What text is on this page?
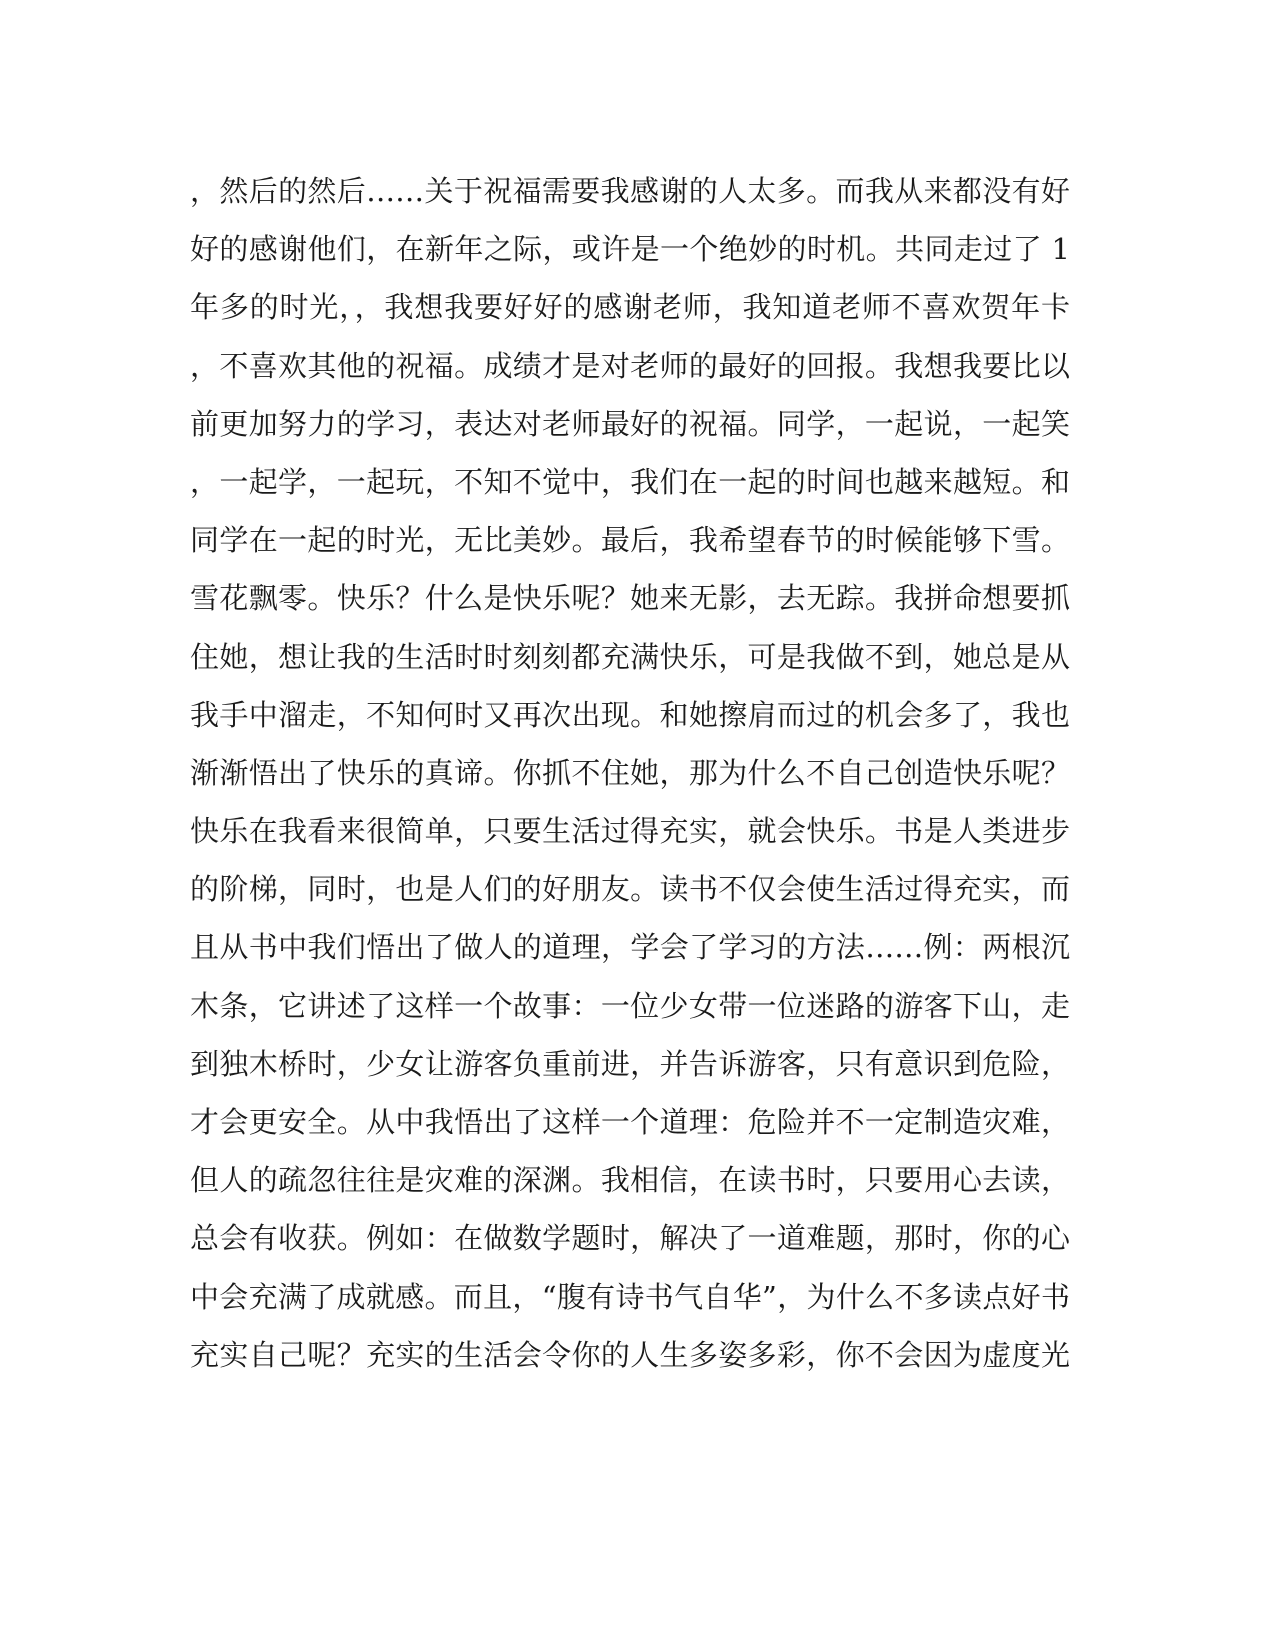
，然后的然后……关于祝福需要我感谢的人太多。而我从来都没有好
好的感谢他们，在新年之际，或许是一个绝妙的时机。共同走过了 1
年多的时光，，我想我要好好的感谢老师，我知道老师不喜欢贺年卡
，不喜欢其他的祝福。成绩才是对老师的最好的回报。我想我要比以
前更加努力的学习，表达对老师最好的祝福。同学，一起说，一起笑
，一起学，一起玩，不知不觉中，我们在一起的时间也越来越短。和
同学在一起的时光，无比美妙。最后，我希望春节的时候能够下雪。
雪花飘零。快乐？什么是快乐呢？她来无影，去无踪。我拼命想要抓
住她，想让我的生活时时刻刻都充满快乐，可是我做不到，她总是从
我手中溜走，不知何时又再次出现。和她擦肩而过的机会多了，我也
渐渐悟出了快乐的真谛。你抓不住她，那为什么不自己创造快乐呢？
快乐在我看来很简单，只要生活过得充实，就会快乐。书是人类进步
的阶梯，同时，也是人们的好朋友。读书不仅会使生活过得充实，而
且从书中我们悟出了做人的道理，学会了学习的方法……例：两根沉
木条，它讲述了这样一个故事：一位少女带一位迷路的游客下山，走
到独木桥时，少女让游客负重前进，并告诉游客，只有意识到危险，
才会更安全。从中我悟出了这样一个道理：危险并不一定制造灾难，
但人的疏忽往往是灾难的深渊。我相信，在读书时，只要用心去读，
总会有收获。例如：在做数学题时，解决了一道难题，那时，你的心
中会充满了成就感。而且，“腹有诗书气自华”，为什么不多读点好书
充实自己呢？充实的生活会令你的人生多姿多彩，你不会因为虚度光
